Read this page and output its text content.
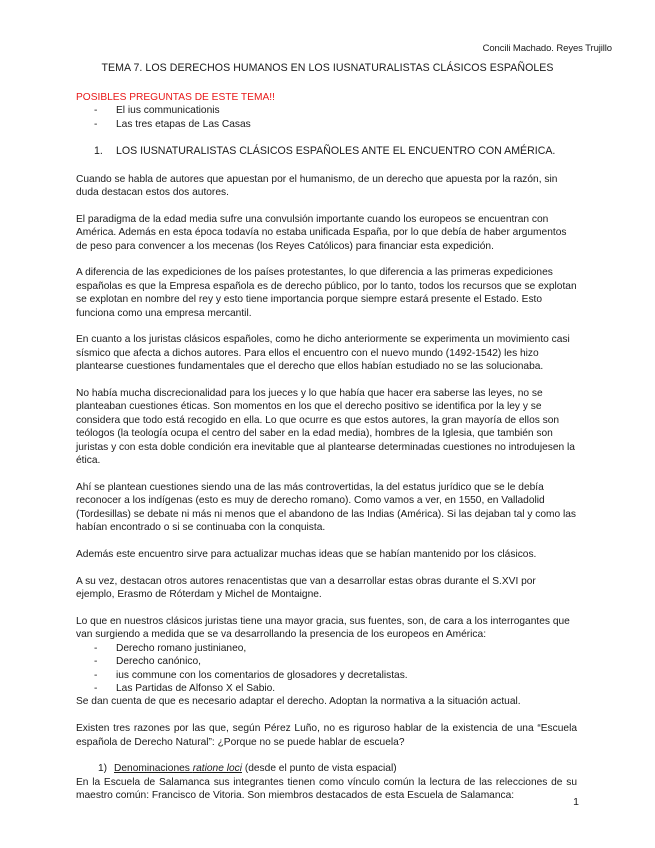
Concili Machado. Reyes Trujillo
TEMA 7. LOS DERECHOS HUMANOS EN LOS IUSNATURALISTAS CLÁSICOS ESPAÑOLES

POSIBLES PREGUNTAS DE ESTE TEMA!!

- El ius communicationis
- Las tres etapas de Las Casas
1. LOS IUSNATURALISTAS CLÁSICOS ESPAÑOLES ANTE EL ENCUENTRO CON AMÉRICA.

Cuando se habla de autores que apuestan por el humanismo, de un derecho que apuesta por la razón, sin duda destacan estos dos autores.

El paradigma de la edad media sufre una convulsión importante cuando los europeos se encuentran con América. Además en esta época todavía no estaba unificada España, por lo que debía de haber argumentos de peso para convencer a los mecenas (los Reyes Católicos) para financiar esta expedición.

A diferencia de las expediciones de los países protestantes, lo que diferencia a las primeras expediciones españolas es que la Empresa española es de derecho público, por lo tanto, todos los recursos que se explotan se explotan en nombre del rey y esto tiene importancia porque siempre estará presente el Estado. Esto funciona como una empresa mercantil.

En cuanto a los juristas clásicos españoles, como he dicho anteriormente se experimenta un movimiento casi sísmico que afecta a dichos autores. Para ellos el encuentro con el nuevo mundo (1492-1542) les hizo plantearse cuestiones fundamentales que el derecho que ellos habían estudiado no se las solucionaba.

No había mucha discrecionalidad para los jueces y lo que había que hacer era saberse las leyes, no se planteaban cuestiones éticas. Son momentos en los que el derecho positivo se identifica por la ley y se considera que todo está recogido en ella. Lo que ocurre es que estos autores, la gran mayoría de ellos son teólogos (la teología ocupa el centro del saber en la edad media), hombres de la Iglesia, que también son juristas y con esta doble condición era inevitable que al plantearse determinadas cuestiones no introdujesen la ética.

Ahí se plantean cuestiones siendo una de las más controvertidas, la del estatus jurídico que se le debía reconocer a los indígenas (esto es muy de derecho romano). Como vamos a ver, en 1550, en Valladolid (Tordesillas) se debate ni más ni menos que el abandono de las Indias (América). Si las dejaban tal y como las habían encontrado o si se continuaba con la conquista.

Además este encuentro sirve para actualizar muchas ideas que se habían mantenido por los clásicos.

A su vez, destacan otros autores renacentistas que van a desarrollar estas obras durante el S.XVI por ejemplo, Erasmo de Róterdam y Michel de Montaigne.

Lo que en nuestros clásicos juristas tiene una mayor gracia, sus fuentes, son, de cara a los interrogantes que van surgiendo a medida que se va desarrollando la presencia de los europeos en América:

- Derecho romano justinianeo,
- Derecho canónico,
- ius commune con los comentarios de glosadores y decretalistas.
- Las Partidas de Alfonso X el Sabio.

Se dan cuenta de que es necesario adaptar el derecho. Adoptan la normativa a la situación actual.

Existen tres razones por las que, según Pérez Luño, no es riguroso hablar de la existencia de una “Escuela española de Derecho Natural”: ¿Porque no se puede hablar de escuela?

1) Denominaciones ratione loci (desde el punto de vista espacial)

En la Escuela de Salamanca sus integrantes tienen como vínculo común la lectura de las relecciones de su maestro común: Francisco de Vitoria. Son miembros destacados de esta Escuela de Salamanca:

1
